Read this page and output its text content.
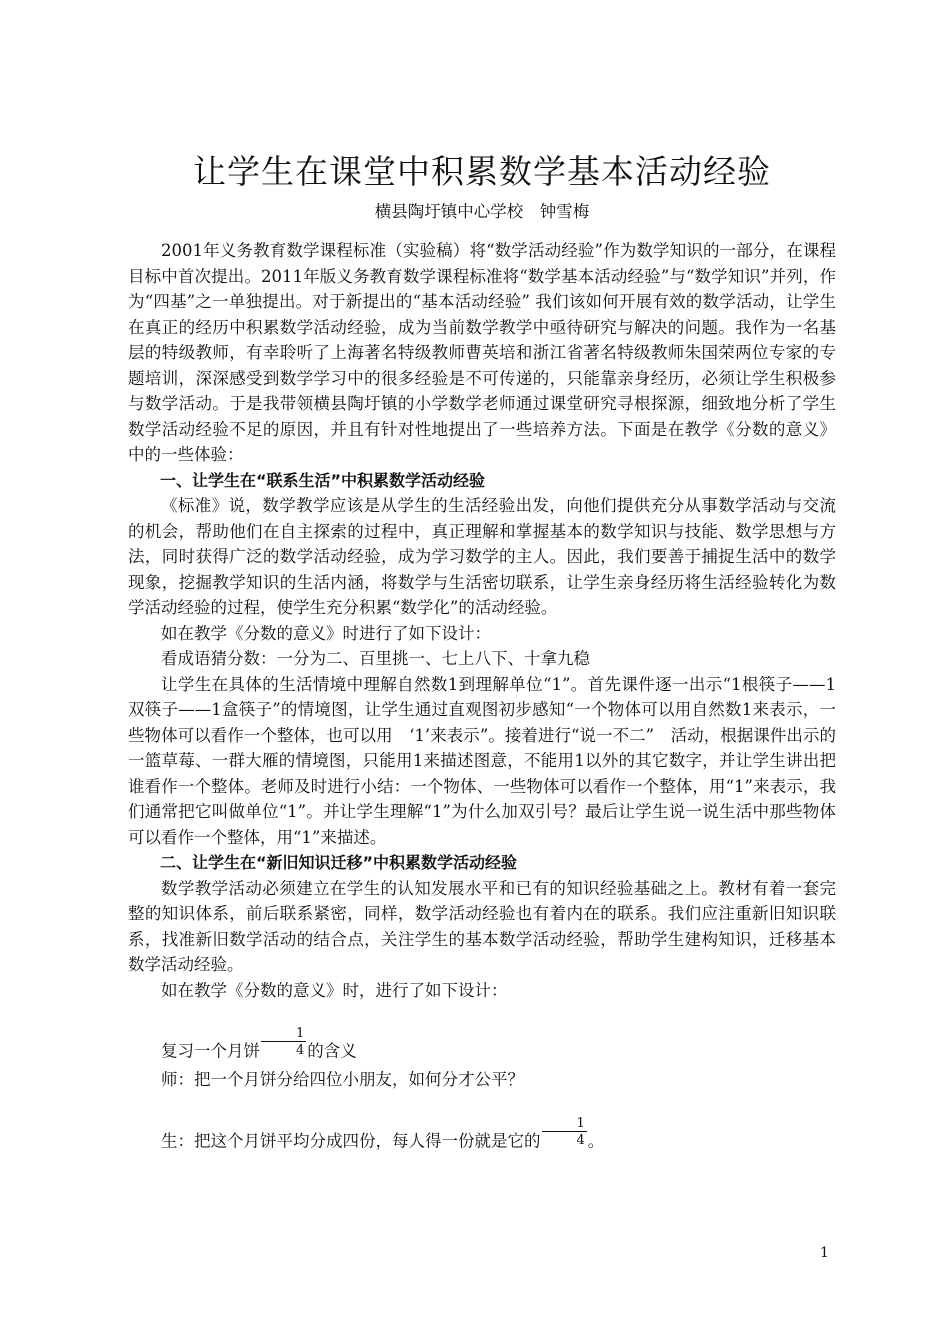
让学生在课堂中积累数学基本活动经验
横县陶圩镇中心学校　钟雪梅

2001年义务教育数学课程标准（实验稿）将“数学活动经验”作为数学知识的一部分，在课程目标中首次提出。2011年版义务教育数学课程标准将“数学基本活动经验”与“数学知识”并列，作为“四基”之一单独提出。对于新提出的“基本活动经验” 我们该如何开展有效的数学活动，让学生在真正的经历中积累数学活动经验，成为当前数学教学中亟待研究与解决的问题。我作为一名基层的特级教师，有幸聆听了上海著名特级教师曹英培和浙江省著名特级教师朱国荣两位专家的专题培训，深深感受到数学学习中的很多经验是不可传递的，只能靠亲身经历，必须让学生积极参与数学活动。于是我带领横县陶圩镇的小学数学老师通过课堂研究寻根探源，细致地分析了学生数学活动经验不足的原因，并且有针对性地提出了一些培养方法。下面是在教学《分数的意义》中的一些体验：

一、让学生在“联系生活”中积累数学活动经验

《标准》说，数学教学应该是从学生的生活经验出发，向他们提供充分从事数学活动与交流的机会，帮助他们在自主探索的过程中，真正理解和掌握基本的数学知识与技能、数学思想与方法，同时获得广泛的数学活动经验，成为学习数学的主人。因此，我们要善于捕捉生活中的数学现象，挖掘教学知识的生活内涵，将数学与生活密切联系，让学生亲身经历将生活经验转化为数学活动经验的过程，使学生充分积累“数学化”的活动经验。

如在教学《分数的意义》时进行了如下设计：

看成语猜分数：一分为二、百里挑一、七上八下、十拿九稳

让学生在具体的生活情境中理解自然数1到理解单位“1”。首先课件逐一出示“1根筷子——1双筷子——1盒筷子”的情境图，让学生通过直观图初步感知“一个物体可以用自然数1来表示，一些物体可以看作一个整体，也可以用　‘1’来表示”。接着进行“说一不二”　活动，根据课件出示的一篮草莓、一群大雁的情境图，只能用1来描述图意，不能用1以外的其它数字，并让学生讲出把谁看作一个整体。老师及时进行小结：一个物体、一些物体可以看作一个整体，用“1”来表示，我们通常把它叫做单位“1”。并让学生理解“1”为什么加双引号？最后让学生说一说生活中那些物体可以看作一个整体，用“1”来描述。

二、让学生在“新旧知识迁移”中积累数学活动经验

数学教学活动必须建立在学生的认知发展水平和已有的知识经验基础之上。教材有着一套完整的知识体系，前后联系紧密，同样，数学活动经验也有着内在的联系。我们应注重新旧知识联系，找准新旧数学活动的结合点，关注学生的基本数学活动经验，帮助学生建构知识，迁移基本数学活动经验。

如在教学《分数的意义》时，进行了如下设计：

复习一个月饼 $\frac{1}{4}$ 的含义

师：把一个月饼分给四位小朋友，如何分才公平？

生：把这个月饼平均分成四份，每人得一份就是它的 $\frac{1}{4}$ 。

1
